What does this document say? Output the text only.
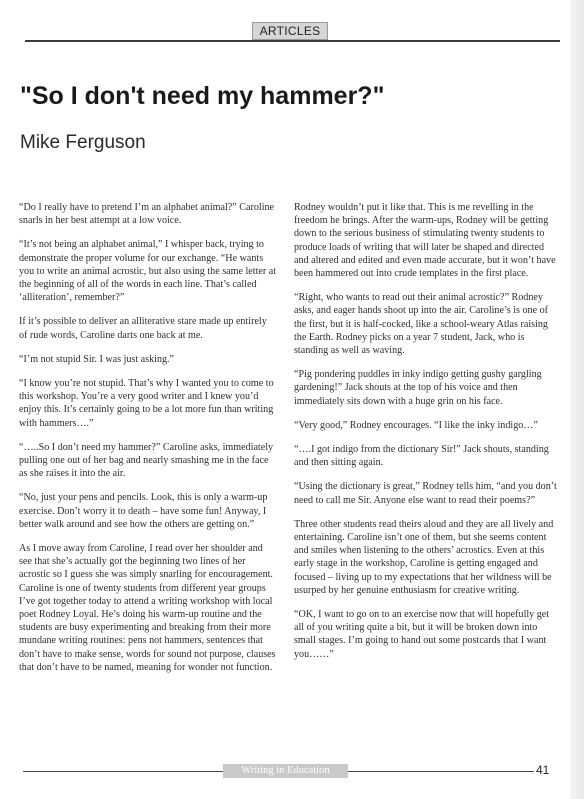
ARTICLES
"So I don't need my hammer?"
Mike Ferguson

“Do I really have to pretend I’m an alphabet animal?” Caroline snarls in her best attempt at a low voice.

“It’s not being an alphabet animal,” I whisper back, trying to demonstrate the proper volume for our exchange. “He wants you to write an animal acrostic, but also using the same letter at the beginning of all of the words in each line. That’s called ‘alliteration’, remember?”

If it’s possible to deliver an alliterative stare made up entirely of rude words, Caroline darts one back at me.

“I’m not stupid Sir. I was just asking.”

“I know you’re not stupid. That’s why I wanted you to come to this workshop. You’re a very good writer and I knew you’d enjoy this. It’s certainly going to be a lot more fun than writing with hammers….”

“…..So I don’t need my hammer?” Caroline asks, immediately pulling one out of her bag and nearly smashing me in the face as she raises it into the air.

“No, just your pens and pencils. Look, this is only a warm-up exercise. Don’t worry it to death – have some fun! Anyway, I better walk around and see how the others are getting on.”

As I move away from Caroline, I read over her shoulder and see that she’s actually got the beginning two lines of her acrostic so I guess she was simply snarling for encouragement. Caroline is one of twenty students from different year groups I’ve got together today to attend a writing workshop with local poet Rodney Loyal. He’s doing his warm-up routine and the students are busy experimenting and breaking from their more mundane writing routines: pens not hammers, sentences that don’t have to make sense, words for sound not purpose, clauses that don’t have to be named, meaning for wonder not function.

Rodney wouldn’t put it like that. This is me revelling in the freedom he brings. After the warm-ups, Rodney will be getting down to the serious business of stimulating twenty students to produce loads of writing that will later be shaped and directed and altered and edited and even made accurate, but it won’t have been hammered out into crude templates in the first place.

“Right, who wants to read out their animal acrostic?” Rodney asks, and eager hands shoot up into the air. Caroline’s is one of the first, but it is half-cocked, like a school-weary Atlas raising the Earth. Rodney picks on a year 7 student, Jack, who is standing as well as waving.

“Pig pondering puddles in inky indigo getting gushy gargling gardening!” Jack shouts at the top of his voice and then immediately sits down with a huge grin on his face.

“Very good,” Rodney encourages. “I like the inky indigo…”

“….I got indigo from the dictionary Sir!” Jack shouts, standing and then sitting again.

“Using the dictionary is great,” Rodney tells him, “and you don’t need to call me Sir. Anyone else want to read their poems?”

Three other students read theirs aloud and they are all lively and entertaining. Caroline isn’t one of them, but she seems content and smiles when listening to the others’ acrostics. Even at this early stage in the workshop, Caroline is getting engaged and focused – living up to my expectations that her wildness will be usurped by her genuine enthusiasm for creative writing.

“OK, I want to go on to an exercise now that will hopefully get all of you writing quite a bit, but it will be broken down into small stages. I’m going to hand out some postcards that I want you……”

Writing in Education	41
